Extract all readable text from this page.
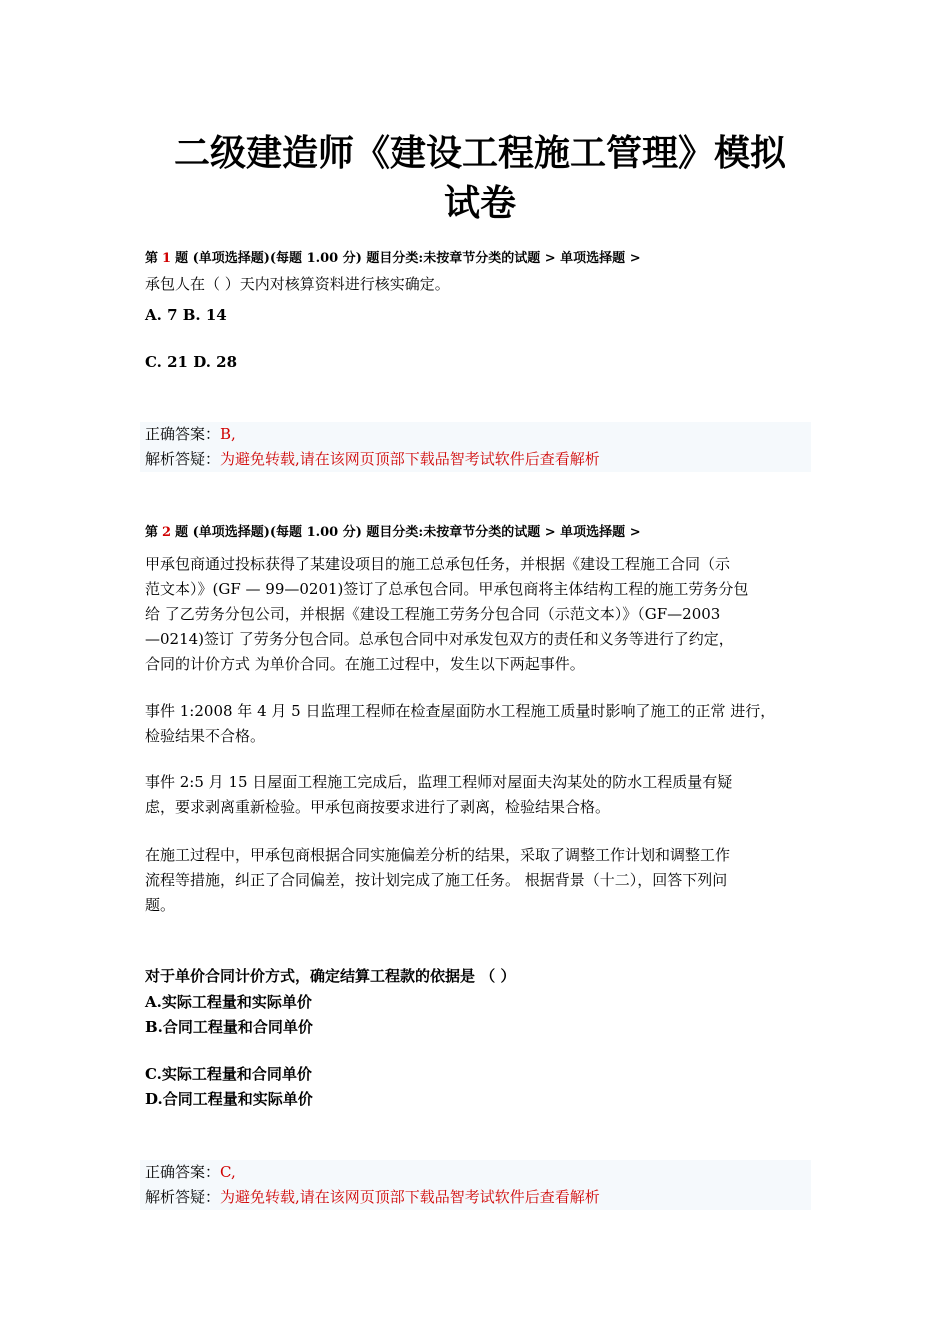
二级建造师《建设工程施工管理》模拟
试卷
第 1 题 (单项选择题)(每题 1.00 分) 题目分类:未按章节分类的试题 > 单项选择题 >
承包人在（ ）天内对核算资料进行核实确定。
A. 7 B. 14
C. 21 D. 28
正确答案：B,
解析答疑：为避免转载,请在该网页顶部下载品智考试软件后查看解析
第 2 题 (单项选择题)(每题 1.00 分) 题目分类:未按章节分类的试题 > 单项选择题 >
甲承包商通过投标获得了某建设项目的施工总承包任务，并根据《建设工程施工合同（示
范文本）》(GF — 99—0201)签订了总承包合同。甲承包商将主体结构工程的施工劳务分包
给 了乙劳务分包公司，并根据《建设工程施工劳务分包合同（示范文本）》（GF—2003
—0214)签订 了劳务分包合同。总承包合同中对承发包双方的责任和义务等进行了约定，
合同的计价方式 为单价合同。在施工过程中，发生以下两起事件。
事件 1:2008 年 4 月 5 日监理工程师在检查屋面防水工程施工质量时影响了施工的正常 进行，
检验结果不合格。
事件 2:5 月 15 日屋面工程施工完成后，监理工程师对屋面夫沟某处的防水工程质量有疑
虑，要求剥离重新检验。甲承包商按要求进行了剥离，检验结果合格。
在施工过程中，甲承包商根据合同实施偏差分析的结果，采取了调整工作计划和调整工作
流程等措施，纠正了合同偏差，按计划完成了施工任务。 根据背景（十二），回答下列问
题。
对于单价合同计价方式，确定结算工程款的依据是 （ ）
A.实际工程量和实际单价
B.合同工程量和合同单价
C.实际工程量和合同单价
D.合同工程量和实际单价
正确答案：C,
解析答疑：为避免转载,请在该网页顶部下载品智考试软件后查看解析
